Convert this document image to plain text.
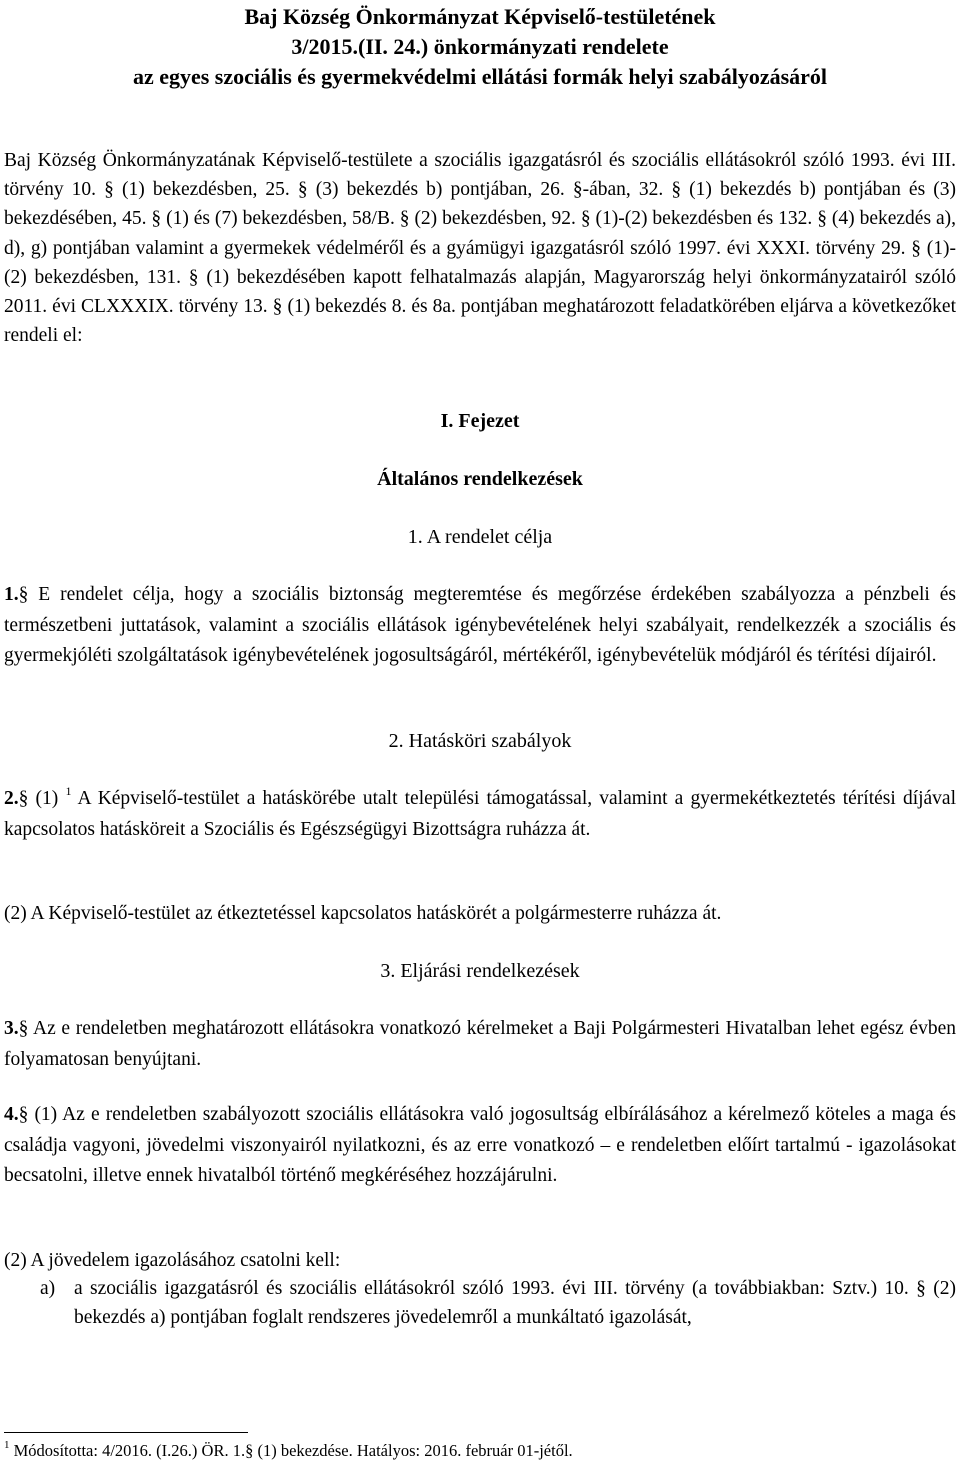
Baj Község Önkormányzat Képviselő-testületének
3/2015.(II. 24.) önkormányzati rendelete
az egyes szociális és gyermekvédelmi ellátási formák helyi szabályozásáról
Baj Község Önkormányzatának Képviselő-testülete a szociális igazgatásról és szociális ellátásokról szóló 1993. évi III. törvény 10. § (1) bekezdésben, 25. § (3) bekezdés b) pontjában, 26. §-ában, 32. § (1) bekezdés b) pontjában és (3) bekezdésében, 45. § (1) és (7) bekezdésben, 58/B. § (2) bekezdésben, 92. § (1)-(2) bekezdésben és 132. § (4) bekezdés a), d), g) pontjában valamint a gyermekek védelméről és a gyámügyi igazgatásról szóló 1997. évi XXXI. törvény 29. § (1)-(2) bekezdésben, 131. § (1) bekezdésében kapott felhatalmazás alapján, Magyarország helyi önkormányzatairól szóló 2011. évi CLXXXIX. törvény 13. § (1) bekezdés 8. és 8a. pontjában meghatározott feladatkörében eljárva a következőket rendeli el:
I. Fejezet
Általános rendelkezések
1. A rendelet célja
1.§ E rendelet célja, hogy a szociális biztonság megteremtése és megőrzése érdekében szabályozza a pénzbeli és természetbeni juttatások, valamint a szociális ellátások igénybevételének helyi szabályait, rendelkezzék a szociális és gyermekjóléti szolgáltatások igénybevételének jogosultságáról, mértékéről, igénybevételük módjáról és térítési díjairól.
2. Hatásköri szabályok
2.§ (1) $^1$ A Képviselő-testület a hatáskörébe utalt települési támogatással, valamint a gyermekétkeztetés térítési díjával kapcsolatos hatásköreit a Szociális és Egészségügyi Bizottságra ruházza át.
(2) A Képviselő-testület az étkeztetéssel kapcsolatos hatáskörét a polgármesterre ruházza át.
3. Eljárási rendelkezések
3.§ Az e rendeletben meghatározott ellátásokra vonatkozó kérelmeket a Baji Polgármesteri Hivatalban lehet egész évben folyamatosan benyújtani.
4.§ (1) Az e rendeletben szabályozott szociális ellátásokra való jogosultság elbírálásához a kérelmező köteles a maga és családja vagyoni, jövedelmi viszonyairól nyilatkozni, és az erre vonatkozó – e rendeletben előírt tartalmú - igazolásokat becsatolni, illetve ennek hivatalból történő megkéréséhez hozzájárulni.
(2) A jövedelem igazolásához csatolni kell:
a) a szociális igazgatásról és szociális ellátásokról szóló 1993. évi III. törvény (a továbbiakban: Sztv.) 10. § (2) bekezdés a) pontjában foglalt rendszeres jövedelemről a munkáltató igazolását,
$^1$ Módosította: 4/2016. (I.26.) ÖR. 1.§ (1) bekezdése. Hatályos: 2016. február 01-jétől.
